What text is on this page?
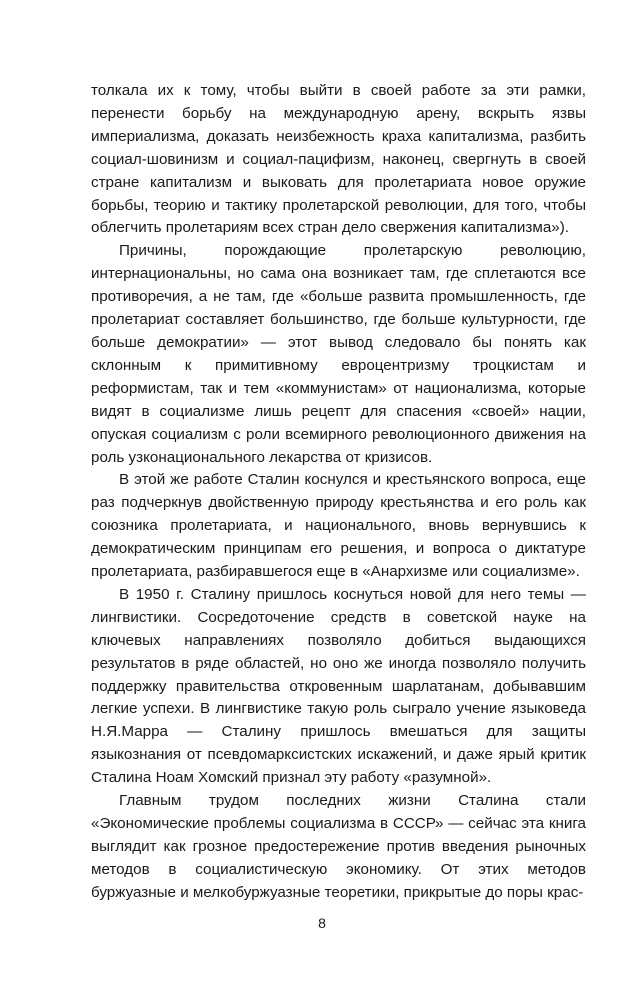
толкала их к тому, чтобы выйти в своей работе за эти рамки, перенести борьбу на международную арену, вскрыть язвы империализма, доказать неизбежность краха капитализма, разбить социал-шовинизм и социал-пацифизм, наконец, свергнуть в своей стране капитализм и выковать для пролетариата новое оружие борьбы, теорию и тактику пролетарской революции, для того, чтобы облегчить пролетариям всех стран дело свержения капитализма»).

Причины, порождающие пролетарскую революцию, интернациональны, но сама она возникает там, где сплетаются все противоречия, а не там, где «больше развита промышленность, где пролетариат составляет большинство, где больше культурности, где больше демократии» — этот вывод следовало бы понять как склонным к примитивному евроцентризму троцкистам и реформистам, так и тем «коммунистам» от национализма, которые видят в социализме лишь рецепт для спасения «своей» нации, опуская социализм с роли всемирного революционного движения на роль узконационального лекарства от кризисов.

В этой же работе Сталин коснулся и крестьянского вопроса, еще раз подчеркнув двойственную природу крестьянства и его роль как союзника пролетариата, и национального, вновь вернувшись к демократическим принципам его решения, и вопроса о диктатуре пролетариата, разбиравшегося еще в «Анархизме или социализме».

В 1950 г. Сталину пришлось коснуться новой для него темы — лингвистики. Сосредоточение средств в советской науке на ключевых направлениях позволяло добиться выдающихся результатов в ряде областей, но оно же иногда позволяло получить поддержку правительства откровенным шарлатанам, добывавшим легкие успехи. В лингвистике такую роль сыграло учение языковеда Н.Я.Марра — Сталину пришлось вмешаться для защиты языкознания от псевдомарксистских искажений, и даже ярый критик Сталина Ноам Хомский признал эту работу «разумной».

Главным трудом последних жизни Сталина стали «Экономические проблемы социализма в СССР» — сейчас эта книга выглядит как грозное предостережение против введения рыночных методов в социалистическую экономику. От этих методов буржуазные и мелкобуржуазные теоретики, прикрытые до поры крас-

8
